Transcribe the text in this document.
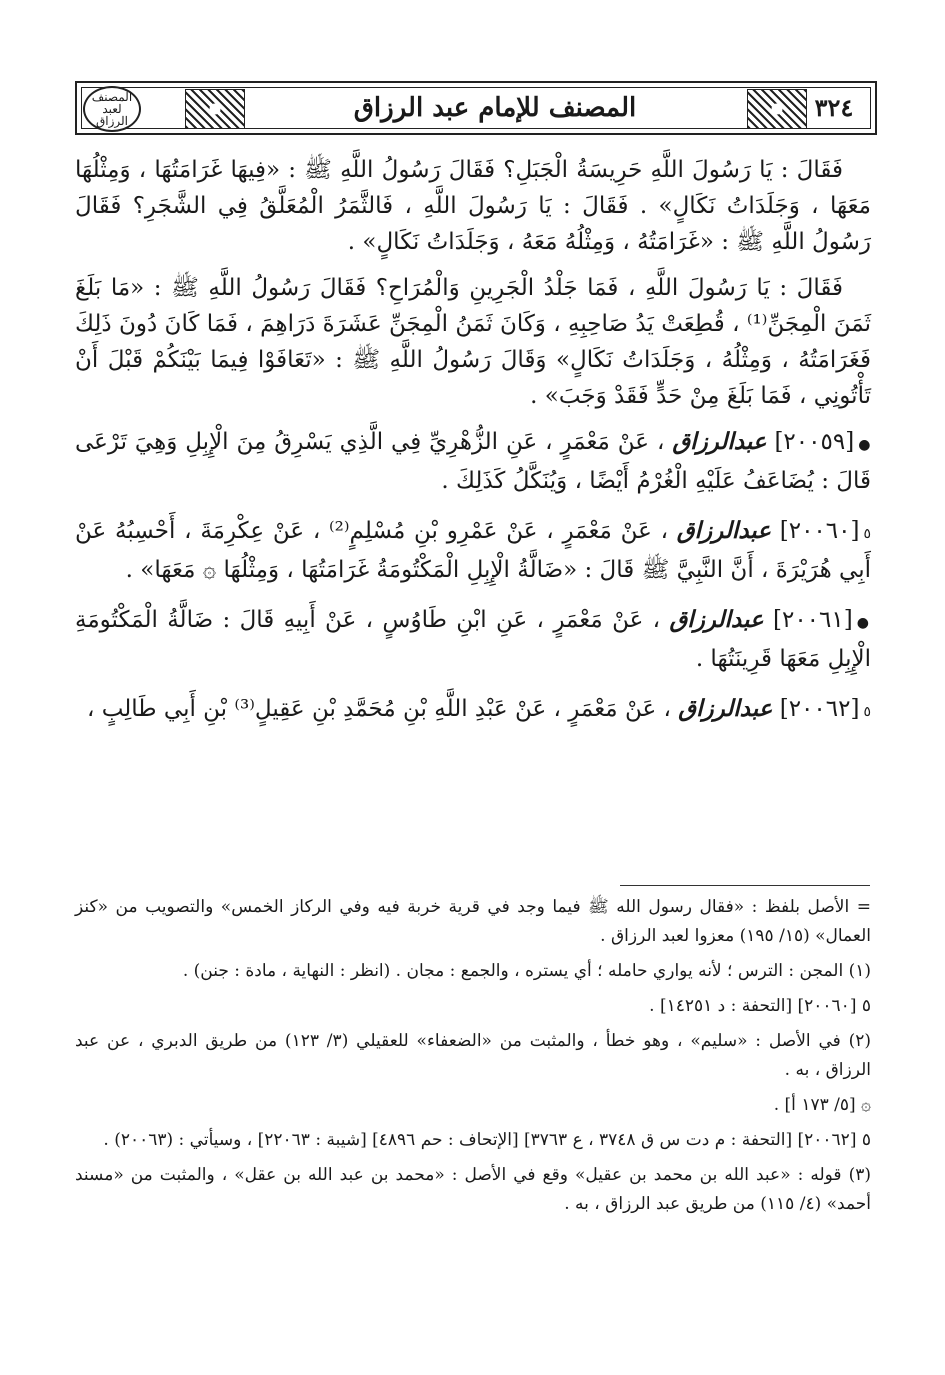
المصنف لعبد الرزاق	المصنف للإمام عبد الرزاق	٣٢٤

فَقَالَ : يَا رَسُولَ اللَّهِ حَرِيسَةُ الْجَبَلِ؟ فَقَالَ رَسُولُ اللَّهِ ﷺ : «فِيهَا غَرَامَتُهَا ، وَمِثْلُهَا مَعَهَا ، وَجَلَدَاتُ نَكَالٍ» . فَقَالَ : يَا رَسُولَ اللَّهِ ، فَالثَّمَرُ الْمُعَلَّقُ فِي الشَّجَرِ؟ فَقَالَ رَسُولُ اللَّهِ ﷺ : «غَرَامَتُهُ ، وَمِثْلُهُ مَعَهُ ، وَجَلَدَاتُ نَكَالٍ» .

فَقَالَ : يَا رَسُولَ اللَّهِ ، فَمَا جَلْدُ الْجَرِينِ وَالْمُرَاحِ؟ فَقَالَ رَسُولُ اللَّهِ ﷺ : «مَا بَلَغَ ثَمَنَ الْمِجَنِّ⁽¹⁾ ، قُطِعَتْ يَدُ صَاحِبِهِ ، وَكَانَ ثَمَنُ الْمِجَنِّ عَشَرَةَ دَرَاهِمَ ، فَمَا كَانَ دُونَ ذَلِكَ فَغَرَامَتُهُ ، وَمِثْلُهُ ، وَجَلَدَاتُ نَكَالٍ» وَقَالَ رَسُولُ اللَّهِ ﷺ : «تَعَافَوْا فِيمَا بَيْنَكُمْ قَبْلَ أَنْ تَأْتُونِي ، فَمَا بَلَغَ مِنْ حَدٍّ فَقَدْ وَجَبَ» .

●[٢٠٠٥٩] عبدالرزاق ، عَنْ مَعْمَرٍ ، عَنِ الزُّهْرِيِّ فِي الَّذِي يَسْرِقُ مِنَ الْإِبِلِ وَهِيَ تَرْعَى قَالَ : يُضَاعَفُ عَلَيْهِ الْغُرْمُ أَيْضًا ، وَيُنَكَّلُ كَذَلِكَ .

٥[٢٠٠٦٠] عبدالرزاق ، عَنْ مَعْمَرٍ ، عَنْ عَمْرِو بْنِ مُسْلِمٍ⁽²⁾ ، عَنْ عِكْرِمَةَ ، أَحْسِبُهُ عَنْ أَبِي هُرَيْرَةَ ، أَنَّ النَّبِيَّ ﷺ قَالَ : «ضَالَّةُ الْإِبِلِ الْمَكْتُومَةُ غَرَامَتُهَا ، وَمِثْلُهَا ۞ مَعَهَا» .

●[٢٠٠٦١] عبدالرزاق ، عَنْ مَعْمَرٍ ، عَنِ ابْنِ طَاوُسٍ ، عَنْ أَبِيهِ قَالَ : ضَالَّةُ الْمَكْتُومَةِ الْإِبِلِ مَعَهَا قَرِينَتُهَا .

٥[٢٠٠٦٢] عبدالرزاق ، عَنْ مَعْمَرٍ ، عَنْ عَبْدِ اللَّهِ بْنِ مُحَمَّدِ بْنِ عَقِيلٍ⁽³⁾ بْنِ أَبِي طَالِبٍ ،

= الأصل بلفظ : «فقال رسول الله ﷺ فيما وجد في قرية خربة فيه وفي الركاز الخمس» والتصويب من «كنز العمال» (١٥/ ١٩٥) معزوا لعبد الرزاق .

(١) المجن : الترس ؛ لأنه يواري حامله ؛ أي يستره ، والجمع : مجان . (انظر : النهاية ، مادة : جنن) .

٥ [٢٠٠٦٠] [التحفة : د ١٤٢٥١] .

(٢) في الأصل : «سليم» ، وهو خطأ ، والمثبت من «الضعفاء» للعقيلي (٣/ ١٢٣) من طريق الدبري ، عن عبد الرزاق ، به .

۞ [٥/ ١٧٣ أ] .

٥ [٢٠٠٦٢] [التحفة : م دت س ق ٣٧٤٨ ، ع ٣٧٦٣] [الإتحاف : حم ٤٨٩٦] [شيبة : ٢٢٠٦٣] ، وسيأتي : (٢٠٠٦٣) .

(٣) قوله : «عبد الله بن محمد بن عقيل» وقع في الأصل : «محمد بن عبد الله بن عقل» ، والمثبت من «مسند أحمد» (٤/ ١١٥) من طريق عبد الرزاق ، به .
